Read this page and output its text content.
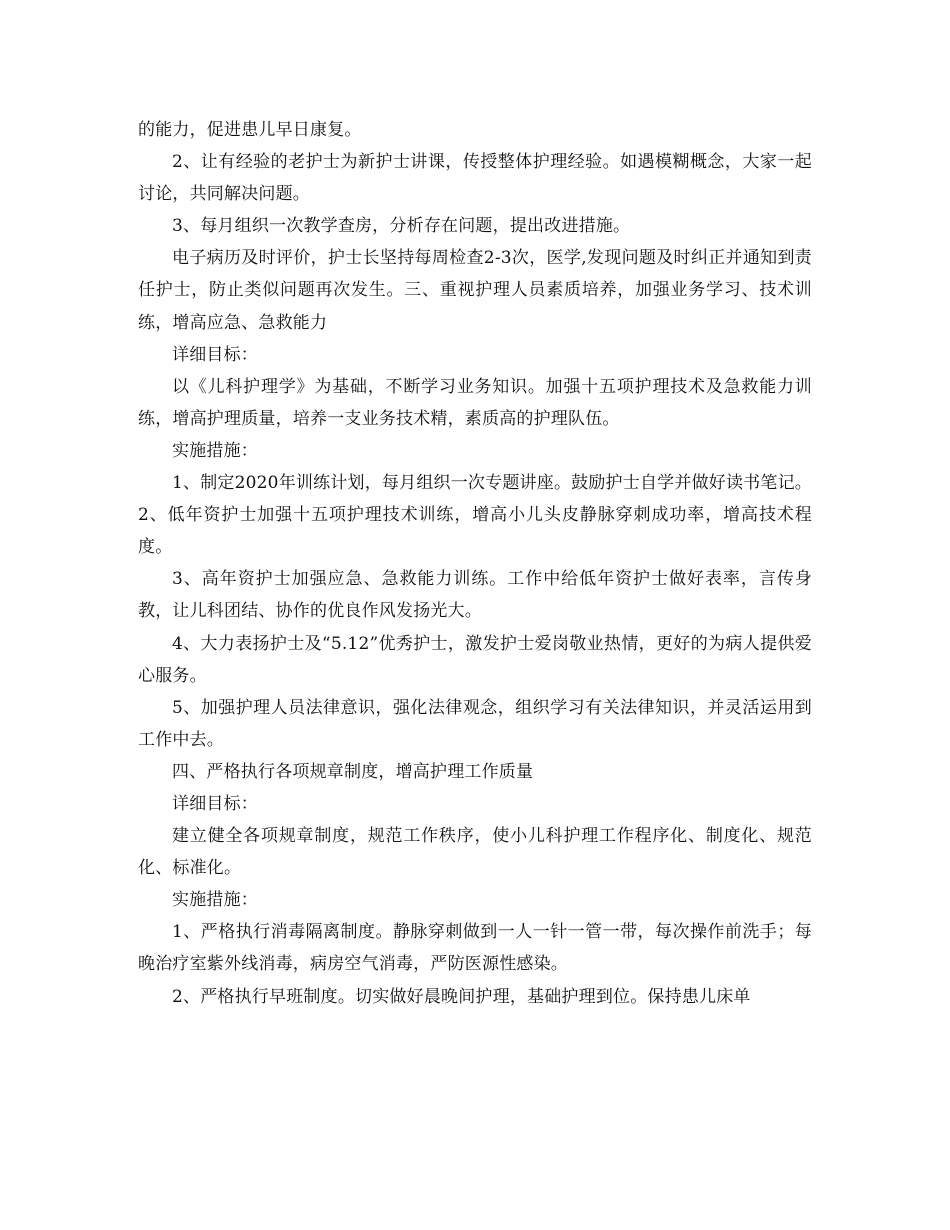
的能力，促进患儿早日康复。

2、让有经验的老护士为新护士讲课，传授整体护理经验。如遇模糊概念，大家一起讨论，共同解决问题。

3、每月组织一次教学查房，分析存在问题，提出改进措施。

电子病历及时评价，护士长坚持每周检查2-3次，医学,发现问题及时纠正并通知到责任护士，防止类似问题再次发生。三、重视护理人员素质培养，加强业务学习、技术训练，增高应急、急救能力

详细目标：

以《儿科护理学》为基础，不断学习业务知识。加强十五项护理技术及急救能力训练，增高护理质量，培养一支业务技术精，素质高的护理队伍。

实施措施：

1、制定2020年训练计划，每月组织一次专题讲座。鼓励护士自学并做好读书笔记。 2、低年资护士加强十五项护理技术训练，增高小儿头皮静脉穿刺成功率，增高技术程度。

3、高年资护士加强应急、急救能力训练。工作中给低年资护士做好表率，言传身教，让儿科团结、协作的优良作风发扬光大。

4、大力表扬护士及“5.12”优秀护士，激发护士爱岗敬业热情，更好的为病人提供爱心服务。

5、加强护理人员法律意识，强化法律观念，组织学习有关法律知识，并灵活运用到工作中去。

四、严格执行各项规章制度，增高护理工作质量

详细目标：

建立健全各项规章制度，规范工作秩序，使小儿科护理工作程序化、制度化、规范化、标准化。

实施措施：

1、严格执行消毒隔离制度。静脉穿刺做到一人一针一管一带，每次操作前洗手；每晚治疗室紫外线消毒，病房空气消毒，严防医源性感染。

2、严格执行早班制度。切实做好晨晚间护理，基础护理到位。保持患儿床单
